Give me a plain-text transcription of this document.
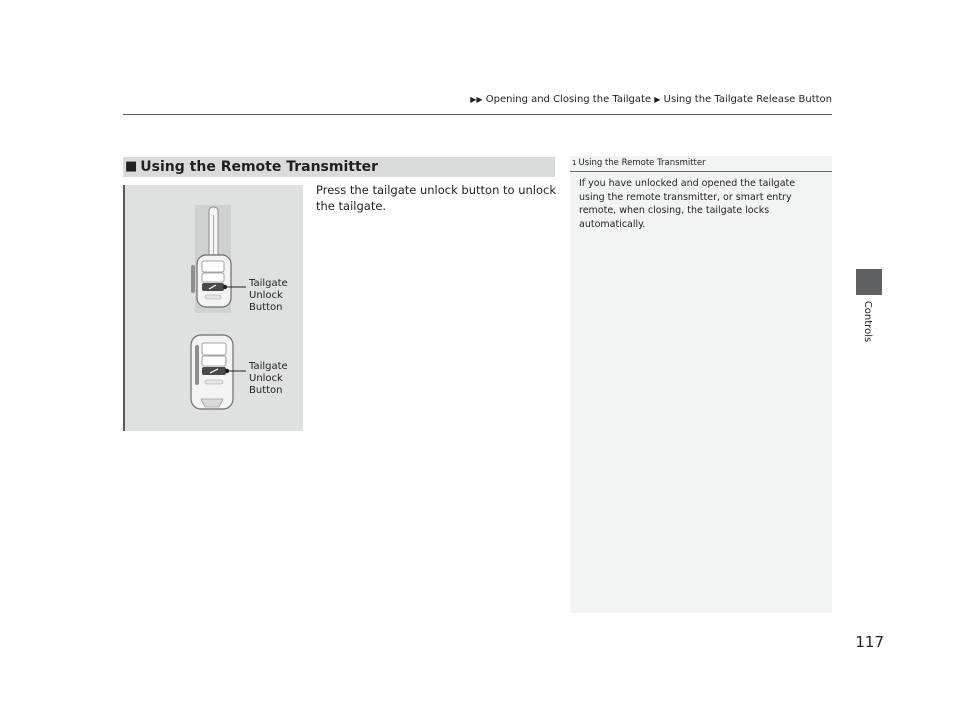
▶▶ Opening and Closing the Tailgate ▶ Using the Tailgate Release Button
Controls
■ Using the Remote Transmitter
Tailgate
Unlock
Button
Tailgate
Unlock
Button
Press the tailgate unlock button to unlock the tailgate.
1 Using the Remote Transmitter
If you have unlocked and opened the tailgate using the remote transmitter, or smart entry remote, when closing, the tailgate locks automatically.
117
